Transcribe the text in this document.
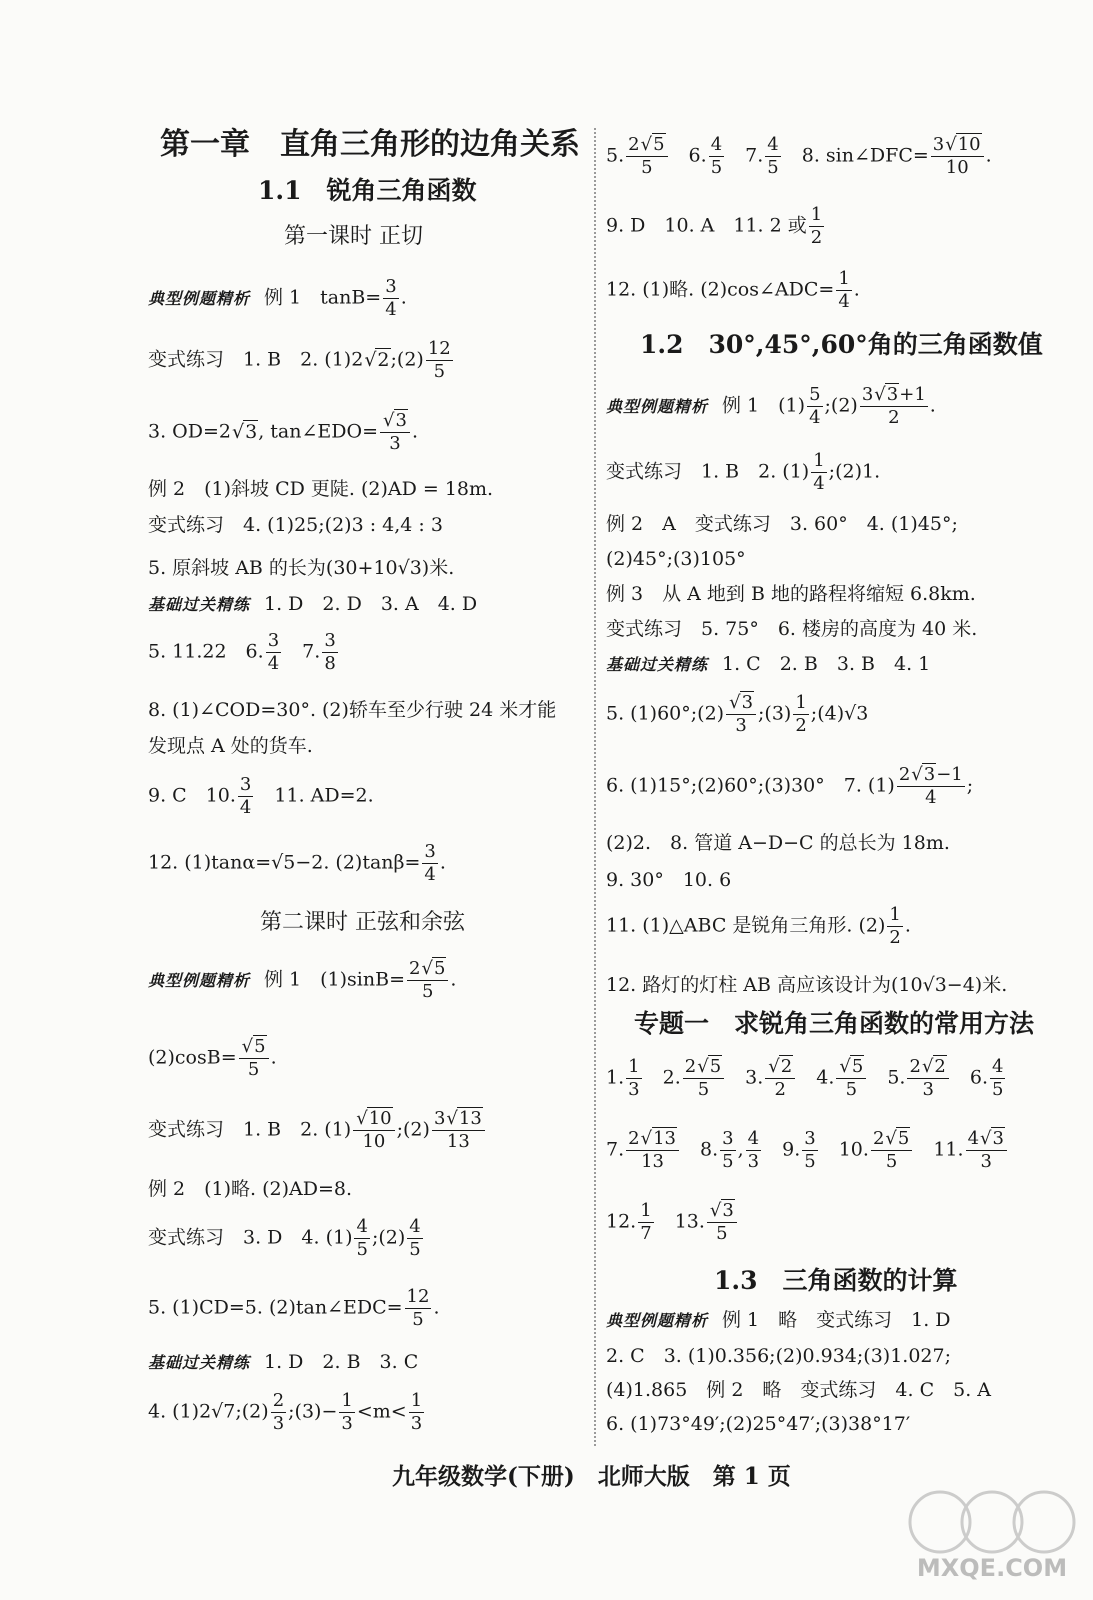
第一章　直角三角形的边角关系
1.1　锐角三角函数
第一课时 正切
典型例题精析 例 1　$\tan B= \frac{3}{4}$ .
变式练习　1. B　2. (1)2 √ 2;(2) $\frac{12}{5}$
3. OD=2 √ 3, tan∠EDO= √ $\frac{3}{3}$ .
例 2　(1)斜坡 CD 更陡. (2)AD = 18m.
变式练习　4. (1)25;(2)3 : 4,4 : 3
5. 原斜坡 AB 的长为(30+10√3)米.
基础过关精练 1. D　2. D　3. A　4. D
5. 11.22　6. $\frac{3}{4}$
　 7. $\frac{3}{8}$
8. (1)∠COD=30°. (2)轿车至少行驶 24 米才能
发现点 A 处的货车.
9. C　10. $\frac{3}{4}$
　 11. AD=2.
12. (1)tanα=√5−2. $(2)\tan\beta= \frac{3}{4}$ .
第二课时 正弦和余弦
典型例题精析 例 1　$(1)\sin B= \frac{2 √ 5}{5}$ .
(2)cosB= √ $\frac{5}{5}$ .
变式练习　1. B　2. (1) √ $\frac{10}{10}$ ;(2) $\frac{3 √ 13}{13}$
例 2　(1)略. (2)AD=8.
变式练习　3. D　4. $(1) \frac{4}{5}$ ;(2) $\frac{4}{5}$
5. (1)CD=5. (2)tan∠EDC= $\frac{12}{5}$ .
基础过关精练 1. D　2. B　3. C
4. (1)2√7;(2) $\frac{2}{3}$ ;(3)− $\frac{1}{3} <m< \frac{1}{3}$
5. $\frac{2 √ 5}{5}$
　 6. $\frac{4}{5}$
　 7. $\frac{4}{5}$
　 8. sin∠DFC= $\frac{3 √ 10}{10}$ .
9. D　10. A　11. 2 或 $\frac{1}{2}$
12. (1)略. (2)cos∠ADC= $\frac{1}{4}$ .
1.2　30°,45°,60°角的三角函数值
典型例题精析 例 1　$(1) \frac{5}{4}$ ;(2) $\frac{3 √ 3+1}{2}$ .
变式练习　1. B　2. $(1) \frac{1}{4}$ ;(2)1.
例 2　A　变式练习　3. 60°　4. (1)45°;
(2)45°;(3)105°
例 3　从 A 地到 B 地的路程将缩短 6.8km.
变式练习　5. 75°　6. 楼房的高度为 40 米.
基础过关精练 1. C　2. B　3. B　4. 1
5. (1)60°;(2) √ $\frac{3}{3}$ ;(3) $\frac{1}{2}$ ;(4)√3
6. (1)15°;(2)60°;(3)30°　7. $(1) \frac{2 √ 3-1}{4}$ ;
(2)2.　8. 管道 A−D−C 的总长为 18m.
9. 30°　10. 6
11. (1)△ABC 是锐角三角形. $(2) \frac{1}{2}$ .
12. 路灯的灯柱 AB 高应该设计为(10√3−4)米.
专题一　求锐角三角函数的常用方法
1. $\frac{1}{3}$
　 2. $\frac{2 √ 5}{5}$
　 3. √ $\frac{2}{2}$
　 4. √ $\frac{5}{5}$
　 5. $\frac{2 √ 2}{3}$
　 6. $\frac{4}{5}$
7. $\frac{2 √ 13}{13}$
　 8. $\frac{3}{5}$ , $\frac{4}{3}$
　 9. $\frac{3}{5}$
　 10. $\frac{2 √ 5}{5}$
　 11. $\frac{4 √ 3}{3}$
12. $\frac{1}{7}$
　 13. √ $\frac{3}{5}$
1.3　三角函数的计算
典型例题精析 例 1　略　变式练习　1. D
2. C　3. (1)0.356;(2)0.934;(3)1.027;
(4)1.865　例 2　略　变式练习　4. C　5. A
6. (1)73°49′;(2)25°47′;(3)38°17′
九年级数学(下册)　北师大版　第 1 页
MXQE.COM
